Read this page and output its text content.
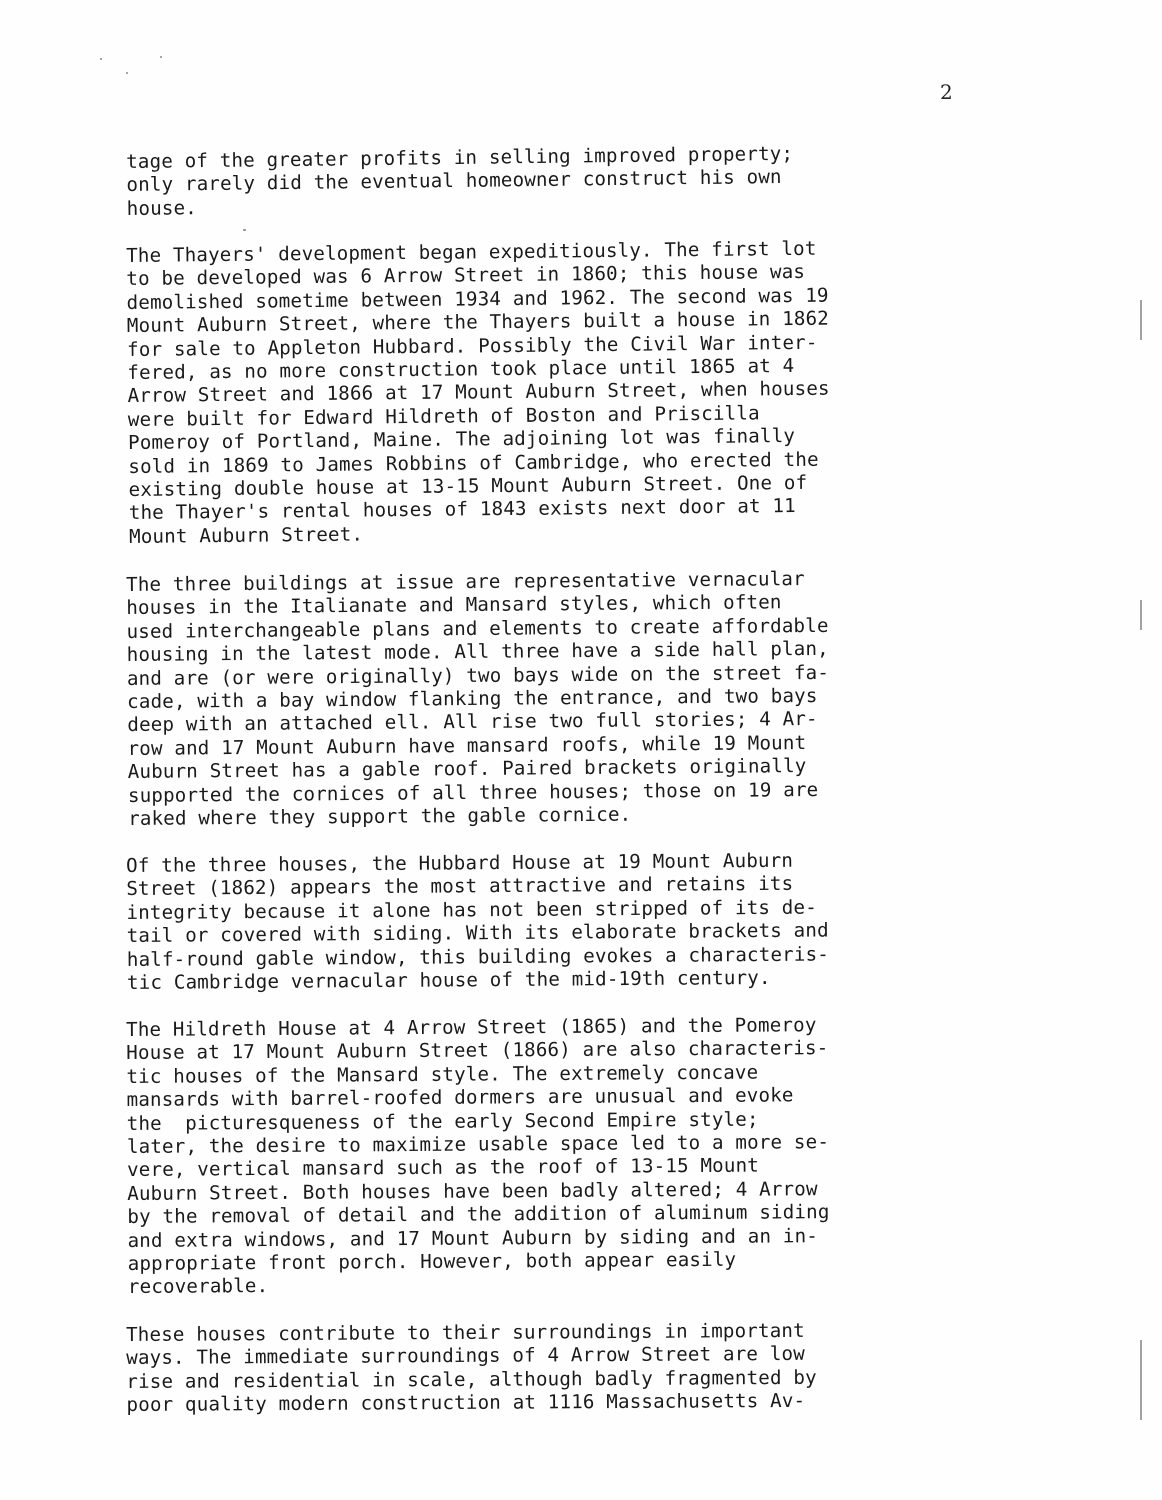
2
tage of the greater profits in selling improved property;
only rarely did the eventual homeowner construct his own
house.
The Thayers' development began expeditiously. The first lot
to be developed was 6 Arrow Street in 1860; this house was
demolished sometime between 1934 and 1962. The second was 19
Mount Auburn Street, where the Thayers built a house in 1862
for sale to Appleton Hubbard. Possibly the Civil War inter-
fered, as no more construction took place until 1865 at 4
Arrow Street and 1866 at 17 Mount Auburn Street, when houses
were built for Edward Hildreth of Boston and Priscilla
Pomeroy of Portland, Maine. The adjoining lot was finally
sold in 1869 to James Robbins of Cambridge, who erected the
existing double house at 13-15 Mount Auburn Street. One of
the Thayer's rental houses of 1843 exists next door at 11
Mount Auburn Street.
The three buildings at issue are representative vernacular
houses in the Italianate and Mansard styles, which often
used interchangeable plans and elements to create affordable
housing in the latest mode. All three have a side hall plan,
and are (or were originally) two bays wide on the street fa-
cade, with a bay window flanking the entrance, and two bays
deep with an attached ell. All rise two full stories; 4 Ar-
row and 17 Mount Auburn have mansard roofs, while 19 Mount
Auburn Street has a gable roof. Paired brackets originally
supported the cornices of all three houses; those on 19 are
raked where they support the gable cornice.
Of the three houses, the Hubbard House at 19 Mount Auburn
Street (1862) appears the most attractive and retains its
integrity because it alone has not been stripped of its de-
tail or covered with siding. With its elaborate brackets and
half-round gable window, this building evokes a characteris-
tic Cambridge vernacular house of the mid-19th century.
The Hildreth House at 4 Arrow Street (1865) and the Pomeroy
House at 17 Mount Auburn Street (1866) are also characteris-
tic houses of the Mansard style. The extremely concave
mansards with barrel-roofed dormers are unusual and evoke
the  picturesqueness of the early Second Empire style;
later, the desire to maximize usable space led to a more se-
vere, vertical mansard such as the roof of 13-15 Mount
Auburn Street. Both houses have been badly altered; 4 Arrow
by the removal of detail and the addition of aluminum siding
and extra windows, and 17 Mount Auburn by siding and an in-
appropriate front porch. However, both appear easily
recoverable.
These houses contribute to their surroundings in important
ways. The immediate surroundings of 4 Arrow Street are low
rise and residential in scale, although badly fragmented by
poor quality modern construction at 1116 Massachusetts Av-
